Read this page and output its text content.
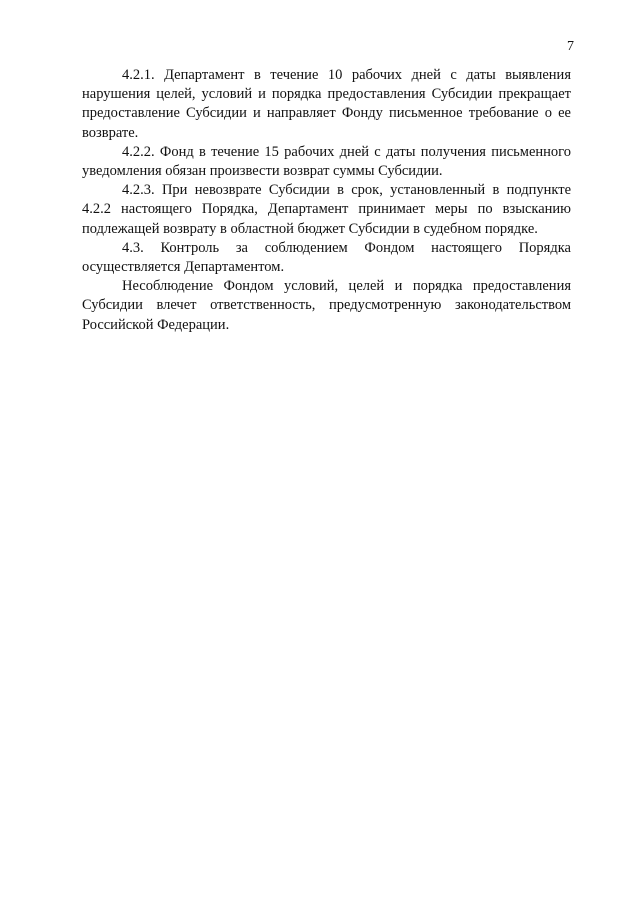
7

4.2.1. Департамент в течение 10 рабочих дней с даты выявления нарушения целей, условий и порядка предоставления Субсидии прекращает предоставление Субсидии и направляет Фонду письменное требование о ее возврате.

4.2.2. Фонд в течение 15 рабочих дней с даты получения письменного уведомления обязан произвести возврат суммы Субсидии.

4.2.3. При невозврате Субсидии в срок, установленный в подпункте 4.2.2 настоящего Порядка, Департамент принимает меры по взысканию подлежащей возврату в областной бюджет Субсидии в судебном порядке.

4.3. Контроль за соблюдением Фондом настоящего Порядка осуществляется Департаментом.

Несоблюдение Фондом условий, целей и порядка предоставления Субсидии влечет ответственность, предусмотренную законодательством Российской Федерации.
